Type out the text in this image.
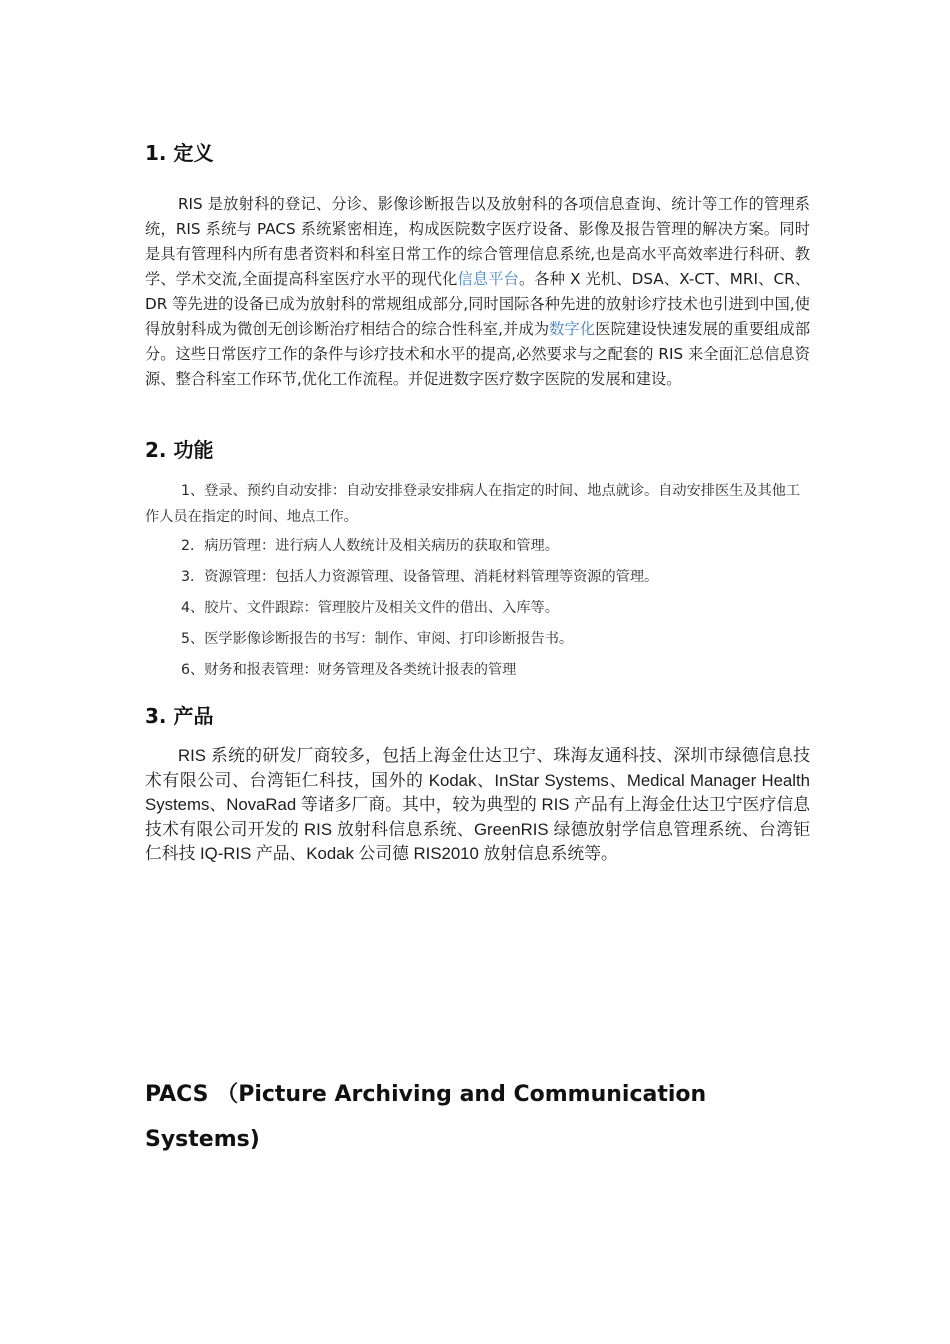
1. 定义
RIS 是放射科的登记、分诊、影像诊断报告以及放射科的各项信息查询、统计等工作的管理系统，RIS 系统与 PACS 系统紧密相连，构成医院数字医疗设备、影像及报告管理的解决方案。同时是具有管理科内所有患者资料和科室日常工作的综合管理信息系统,也是高水平高效率进行科研、教学、学术交流,全面提高科室医疗水平的现代化信息平台。各种 X 光机、DSA、X-CT、MRI、CR、DR 等先进的设备已成为放射科的常规组成部分,同时国际各种先进的放射诊疗技术也引进到中国,使得放射科成为微创无创诊断治疗相结合的综合性科室,并成为数字化医院建设快速发展的重要组成部分。这些日常医疗工作的条件与诊疗技术和水平的提高,必然要求与之配套的 RIS 来全面汇总信息资源、整合科室工作环节,优化工作流程。并促进数字医疗数字医院的发展和建设。
2. 功能
1、登录、预约自动安排：自动安排登录安排病人在指定的时间、地点就诊。自动安排医生及其他工作人员在指定的时间、地点工作。
2．病历管理：进行病人人数统计及相关病历的获取和管理。
3．资源管理：包括人力资源管理、设备管理、消耗材料管理等资源的管理。
4、胶片、文件跟踪：管理胶片及相关文件的借出、入库等。
5、医学影像诊断报告的书写：制作、审阅、打印诊断报告书。
6、财务和报表管理：财务管理及各类统计报表的管理
3. 产品
RIS 系统的研发厂商较多，包括上海金仕达卫宁、珠海友通科技、深圳市绿德信息技术有限公司、台湾钜仁科技，国外的 Kodak、InStar Systems、Medical Manager Health Systems、NovaRad 等诸多厂商。其中，较为典型的 RIS 产品有上海金仕达卫宁医疗信息技术有限公司开发的 RIS 放射科信息系统、GreenRIS 绿德放射学信息管理系统、台湾钜仁科技 IQ-RIS 产品、Kodak 公司德 RIS2010 放射信息系统等。
PACS （Picture Archiving and Communication
Systems)
